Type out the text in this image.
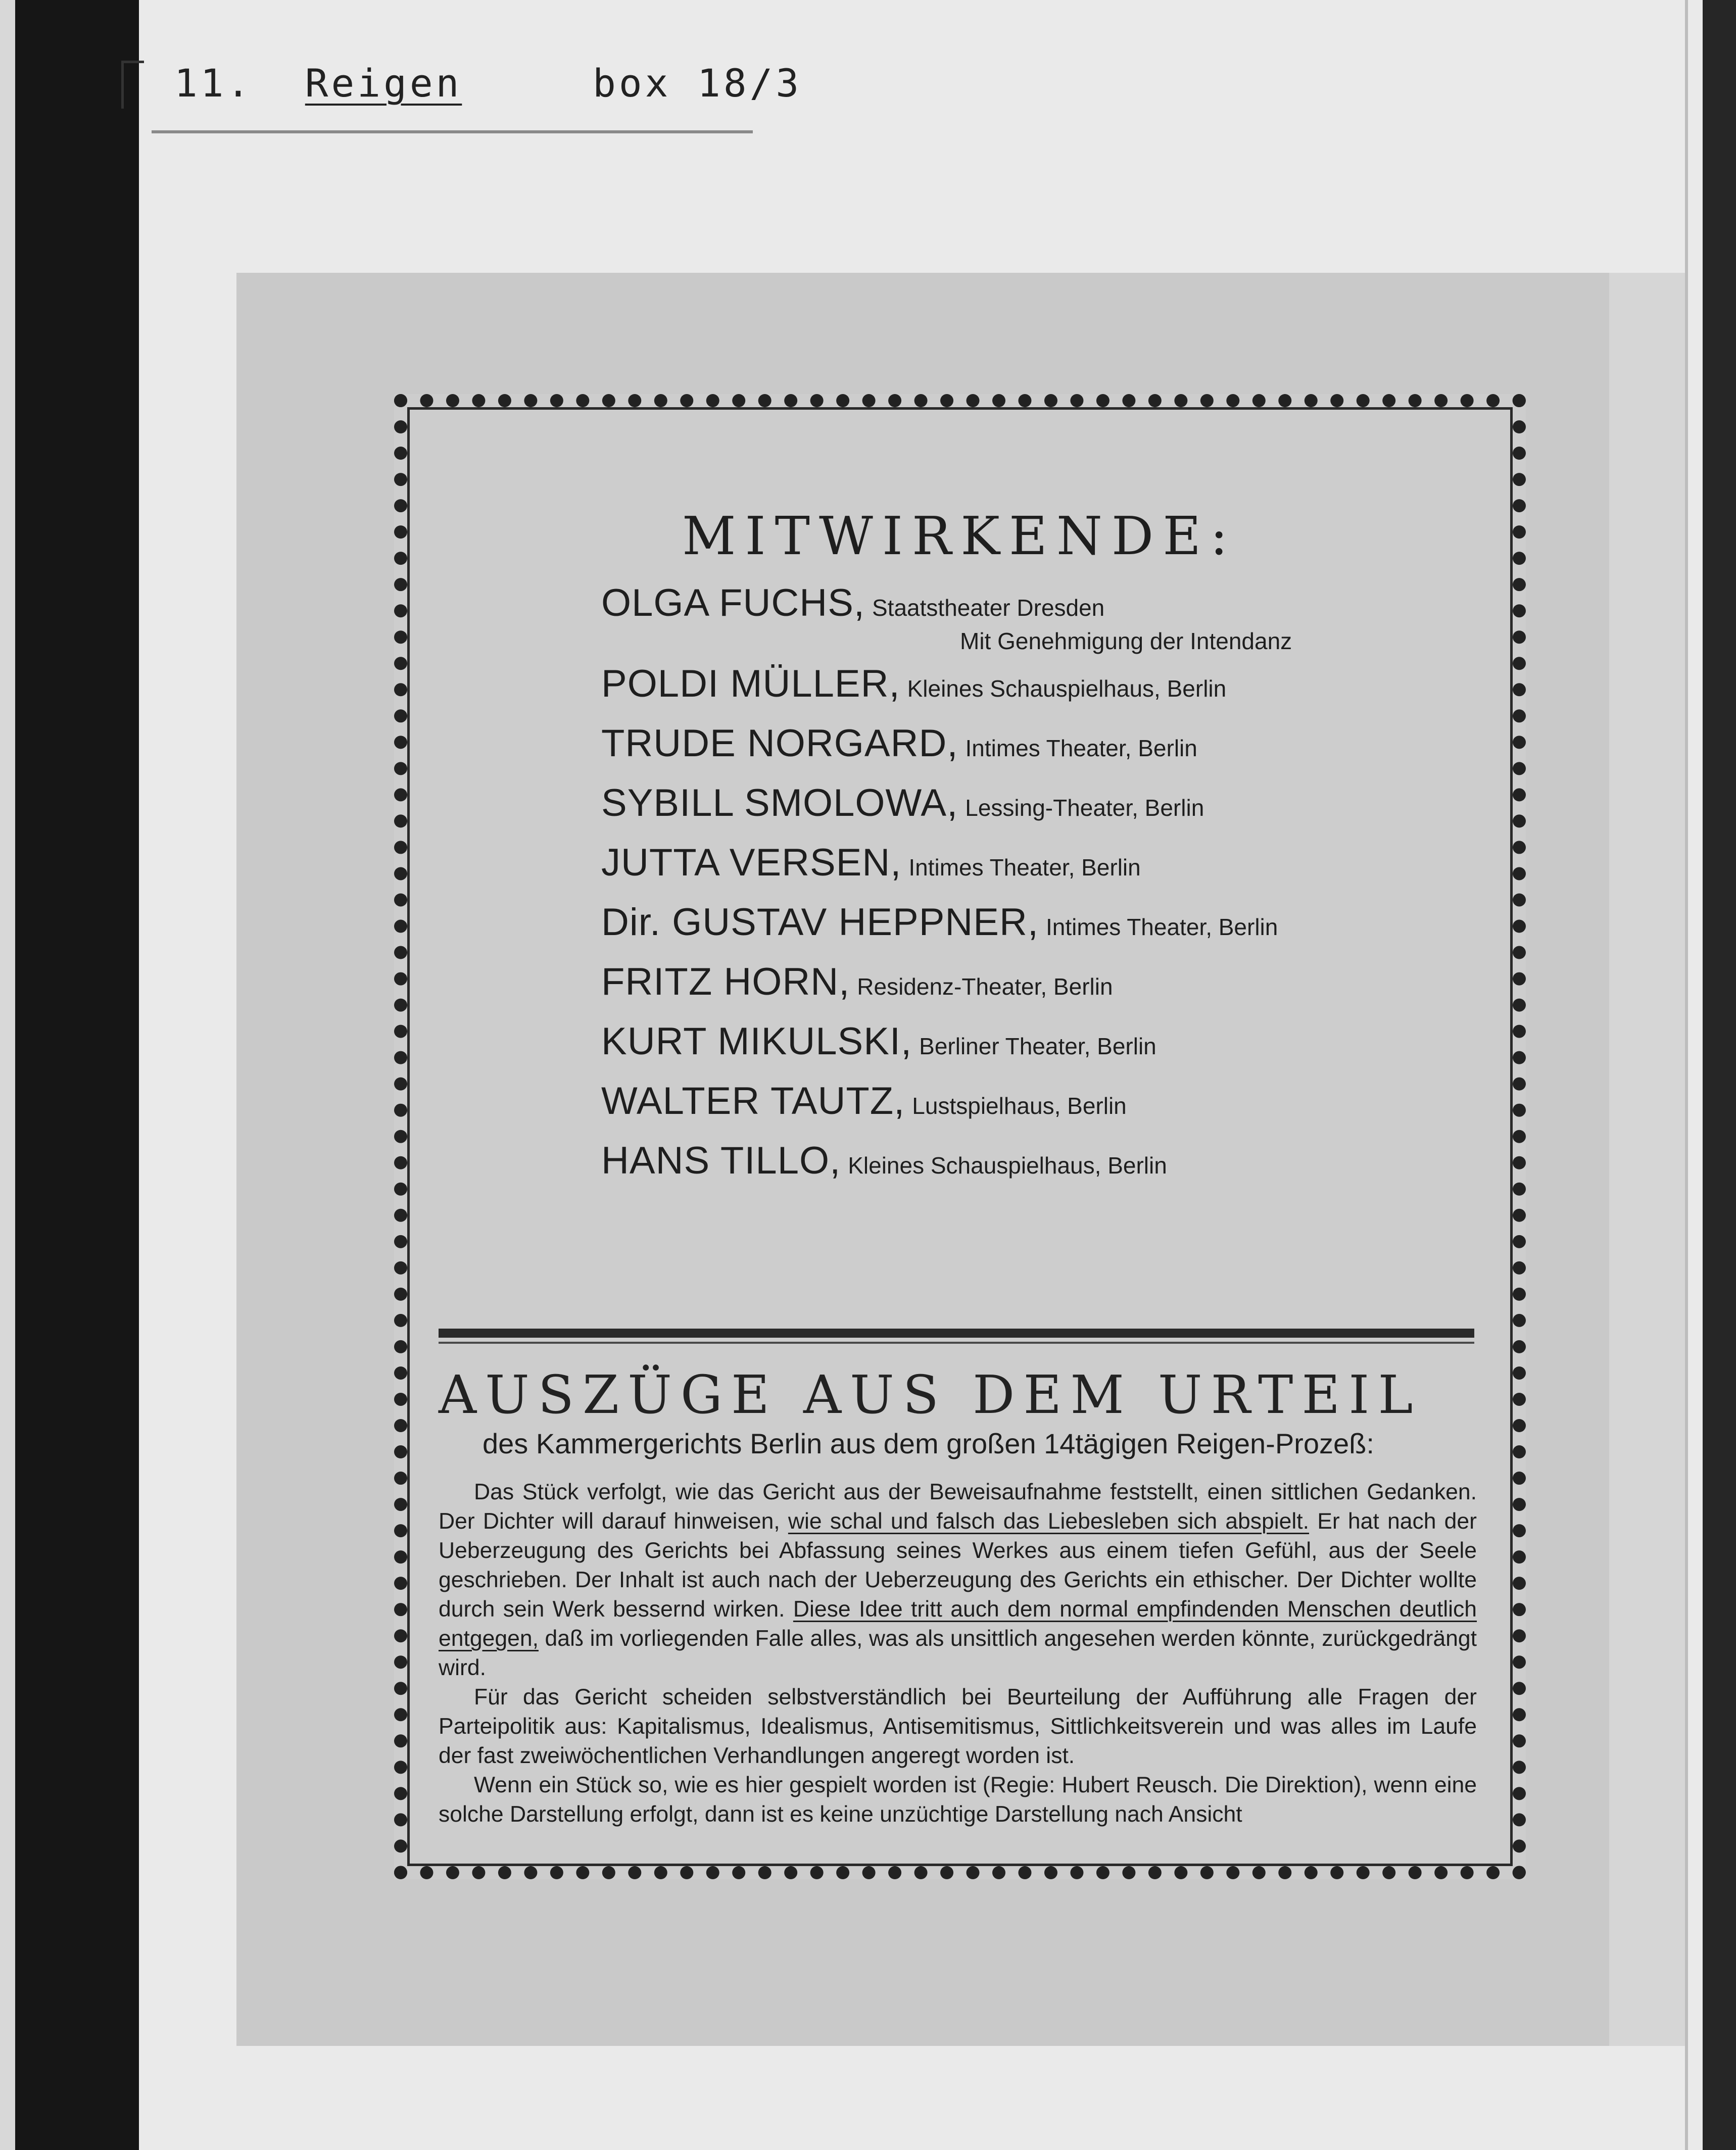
11. Reigen	box 18/3
MITWIRKENDE:
OLGA FUCHS, Staatstheater Dresden
POLDI MÜLLER, Kleines Schauspielhaus, Berlin
TRUDE NORGARD, Intimes Theater, Berlin
SYBILL SMOLOWA, Lessing-Theater, Berlin
JUTTA VERSEN, Intimes Theater, Berlin
Dir. GUSTAV HEPPNER, Intimes Theater, Berlin
FRITZ HORN, Residenz-Theater, Berlin
KURT MIKULSKI, Berliner Theater, Berlin
WALTER TAUTZ, Lustspielhaus, Berlin
HANS TILLO, Kleines Schauspielhaus, Berlin
Mit Genehmigung der Intendanz
AUSZÜGE AUS DEM URTEIL
des Kammergerichts Berlin aus dem großen 14tägigen Reigen-Prozeß:

Das Stück verfolgt, wie das Gericht aus der Beweisaufnahme feststellt, einen sittlichen Gedanken. Der Dichter will darauf hinweisen, wie schal und falsch das Liebesleben sich abspielt. Er hat nach der Ueberzeugung des Gerichts bei Abfassung seines Werkes aus einem tiefen Gefühl, aus der Seele geschrieben. Der Inhalt ist auch nach der Ueberzeugung des Gerichts ein ethischer. Der Dichter wollte durch sein Werk bessernd wirken. Diese Idee tritt auch dem normal empfindenden Menschen deutlich entgegen, daß im vorliegenden Falle alles, was als unsittlich angesehen werden könnte, zurückgedrängt wird.

Für das Gericht scheiden selbstverständlich bei Beurteilung der Aufführung alle Fragen der Parteipolitik aus: Kapitalismus, Idealismus, Antisemitismus, Sittlichkeitsverein und was alles im Laufe der fast zweiwöchentlichen Verhandlungen angeregt worden ist.

Wenn ein Stück so, wie es hier gespielt worden ist (Regie: Hubert Reusch. Die Direktion), wenn eine solche Darstellung erfolgt, dann ist es keine unzüchtige Darstellung nach Ansicht
